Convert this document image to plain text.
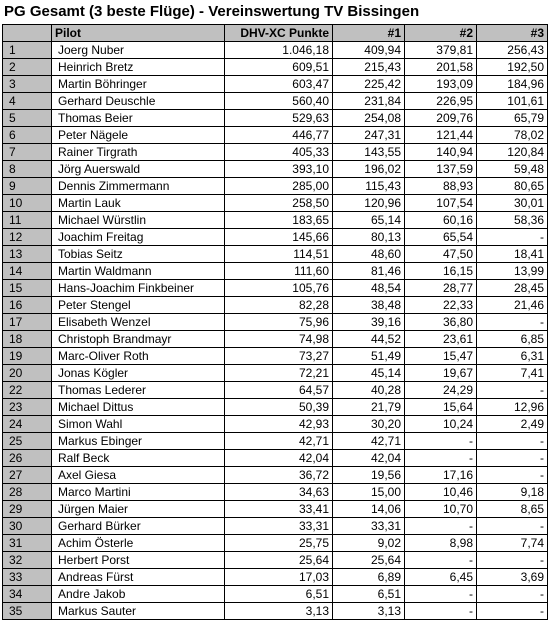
PG Gesamt (3 beste Flüge) - Vereinswertung TV Bissingen
	Pilot	DHV-XC Punkte	#1	#2	#3
1	Joerg Nuber	1.046,18	409,94	379,81	256,43
2	Heinrich Bretz	609,51	215,43	201,58	192,50
3	Martin Böhringer	603,47	225,42	193,09	184,96
4	Gerhard Deuschle	560,40	231,84	226,95	101,61
5	Thomas Beier	529,63	254,08	209,76	65,79
6	Peter Nägele	446,77	247,31	121,44	78,02
7	Rainer Tirgrath	405,33	143,55	140,94	120,84
8	Jörg Auerswald	393,10	196,02	137,59	59,48
9	Dennis Zimmermann	285,00	115,43	88,93	80,65
10	Martin Lauk	258,50	120,96	107,54	30,01
11	Michael Würstlin	183,65	65,14	60,16	58,36
12	Joachim Freitag	145,66	80,13	65,54	-
13	Tobias Seitz	114,51	48,60	47,50	18,41
14	Martin Waldmann	111,60	81,46	16,15	13,99
15	Hans-Joachim Finkbeiner	105,76	48,54	28,77	28,45
16	Peter Stengel	82,28	38,48	22,33	21,46
17	Elisabeth Wenzel	75,96	39,16	36,80	-
18	Christoph Brandmayr	74,98	44,52	23,61	6,85
19	Marc-Oliver Roth	73,27	51,49	15,47	6,31
20	Jonas Kögler	72,21	45,14	19,67	7,41
22	Thomas Lederer	64,57	40,28	24,29	-
23	Michael Dittus	50,39	21,79	15,64	12,96
24	Simon Wahl	42,93	30,20	10,24	2,49
25	Markus Ebinger	42,71	42,71	-	-
26	Ralf Beck	42,04	42,04	-	-
27	Axel Giesa	36,72	19,56	17,16	-
28	Marco Martini	34,63	15,00	10,46	9,18
29	Jürgen Maier	33,41	14,06	10,70	8,65
30	Gerhard Bürker	33,31	33,31	-	-
31	Achim Österle	25,75	9,02	8,98	7,74
32	Herbert Porst	25,64	25,64	-	-
33	Andreas Fürst	17,03	6,89	6,45	3,69
34	Andre Jakob	6,51	6,51	-	-
35	Markus Sauter	3,13	3,13	-	-
